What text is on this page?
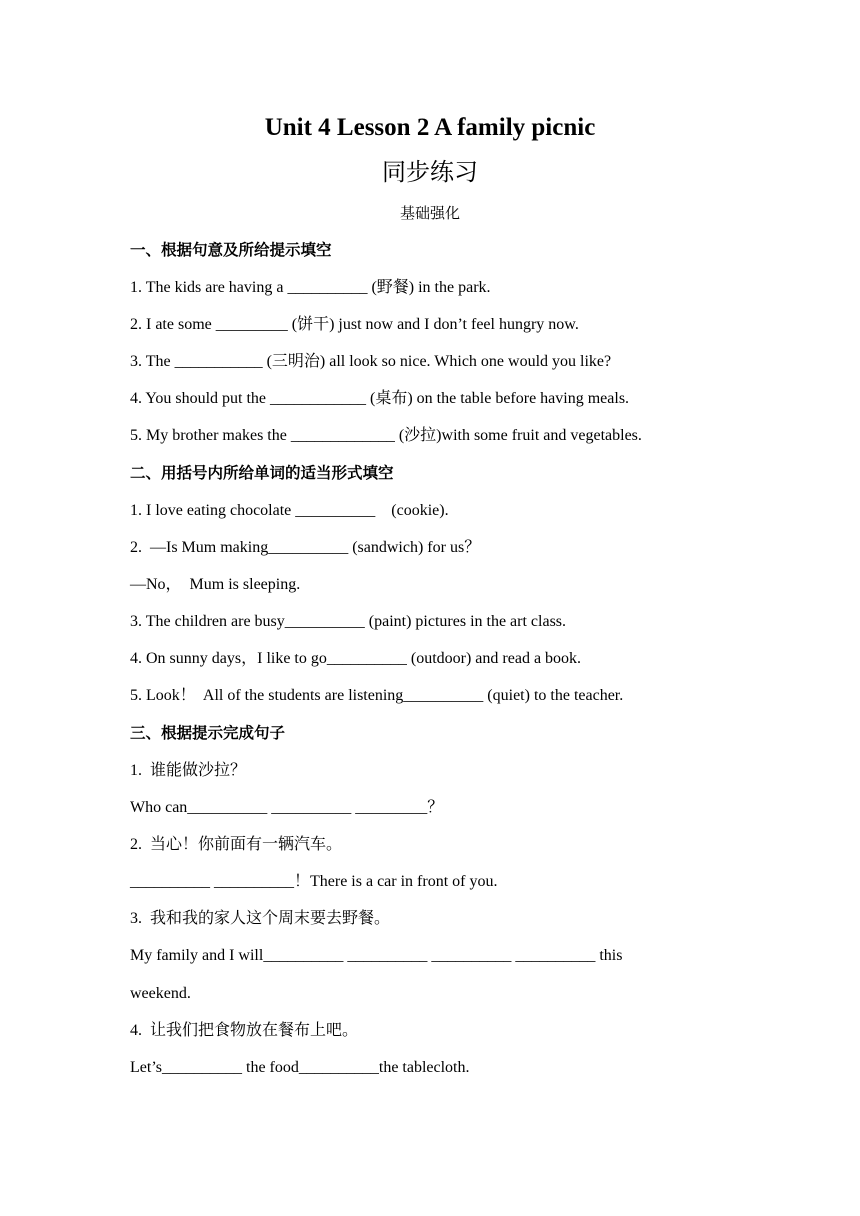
Unit 4 Lesson 2 A family picnic
同步练习
基础强化
一、根据句意及所给提示填空
1. The kids are having a __________ (野餐) in the park.
2. I ate some _________ (饼干) just now and I don’t feel hungry now.
3. The ___________ (三明治) all look so nice. Which one would you like?
4. You should put the ____________ (桌布) on the table before having meals.
5. My brother makes the _____________ (沙拉)with some fruit and vegetables.
二、用括号内所给单词的适当形式填空
1. I love eating chocolate __________    (cookie).
2.  —Is Mum making__________ (sandwich) for us？
—No，  Mum is sleeping.
3. The children are busy__________ (paint) pictures in the art class.
4. On sunny days，I like to go__________ (outdoor) and read a book.
5. Look！  All of the students are listening__________ (quiet) to the teacher.
三、根据提示完成句子
1.  谁能做沙拉？
Who can__________ __________ _________？
2.  当心！你前面有一辆汽车。
__________ __________！There is a car in front of you.
3.  我和我的家人这个周末要去野餐。
My family and I will__________ __________ __________ __________ this
weekend.
4.  让我们把食物放在餐布上吧。
Let’s__________ the food__________the tablecloth.
